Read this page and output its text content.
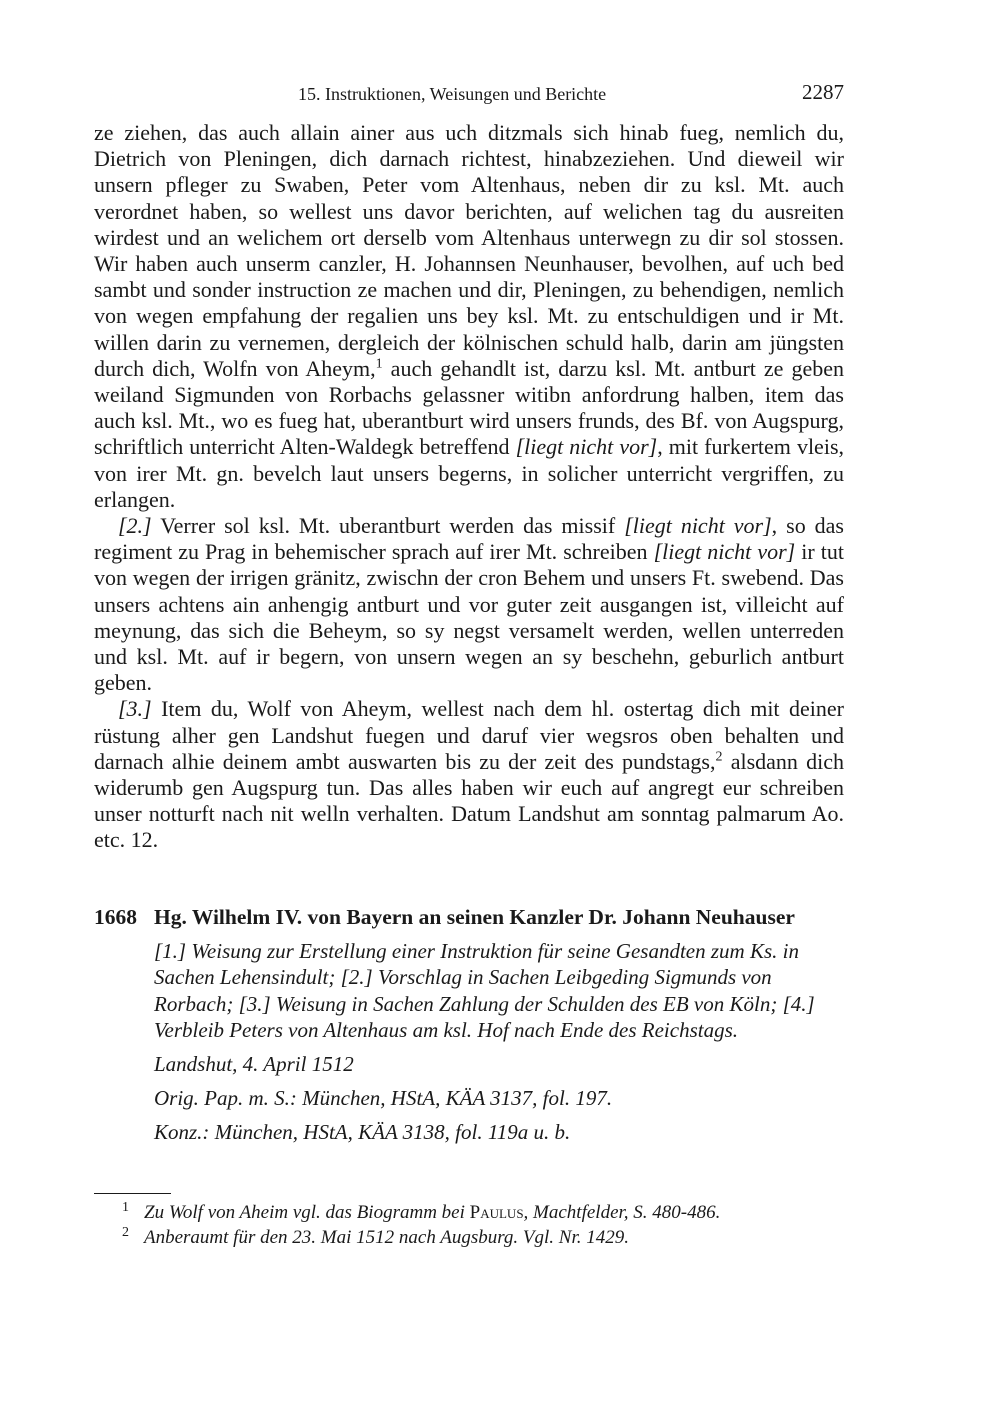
15. Instruktionen, Weisungen und Berichte	2287

ze ziehen, das auch allain ainer aus uch ditzmals sich hinab fueg, nemlich du, Dietrich von Pleningen, dich darnach richtest, hinabzeziehen. Und dieweil wir unsern pfleger zu Swaben, Peter vom Altenhaus, neben dir zu ksl. Mt. auch verordnet haben, so wellest uns davor berichten, auf welichen tag du ausreiten wirdest und an welichem ort derselb vom Altenhaus unterwegn zu dir sol stossen. Wir haben auch unserm canzler, H. Johannsen Neunhauser, bevolhen, auf uch bed sambt und sonder instruction ze machen und dir, Pleningen, zu behendigen, nemlich von wegen empfahung der regalien uns bey ksl. Mt. zu entschuldigen und ir Mt. willen darin zu vernemen, dergleich der kölnischen schuld halb, darin am jüngsten durch dich, Wolfn von Aheym,$^1$ auch gehandlt ist, darzu ksl. Mt. antburt ze geben weiland Sigmunden von Rorbachs gelassner witibn anfordrung halben, item das auch ksl. Mt., wo es fueg hat, uberantburt wird unsers frunds, des Bf. von Augspurg, schriftlich unterricht Alten-Waldegk betreffend [liegt nicht vor], mit furkertem vleis, von irer Mt. gn. bevelch laut unsers begerns, in solicher unterricht vergriffen, zu erlangen.

[2.] Verrer sol ksl. Mt. uberantburt werden das missif [liegt nicht vor], so das regiment zu Prag in behemischer sprach auf irer Mt. schreiben [liegt nicht vor] ir tut von wegen der irrigen gränitz, zwischn der cron Behem und unsers Ft. swebend. Das unsers achtens ain anhengig antburt und vor guter zeit ausgangen ist, villeicht auf meynung, das sich die Beheym, so sy negst versamelt werden, wellen unterreden und ksl. Mt. auf ir begern, von unsern wegen an sy beschehn, geburlich antburt geben.

[3.] Item du, Wolf von Aheym, wellest nach dem hl. ostertag dich mit deiner rüstung alher gen Landshut fuegen und daruf vier wegsros oben behalten und darnach alhie deinem ambt auswarten bis zu der zeit des pundstags,$^2$ alsdann dich widerumb gen Augspurg tun. Das alles haben wir euch auf angregt eur schreiben unser notturft nach nit welln verhalten. Datum Landshut am sonntag palmarum Ao. etc. 12.

1668 Hg. Wilhelm IV. von Bayern an seinen Kanzler Dr. Johann Neuhauser

[1.] Weisung zur Erstellung einer Instruktion für seine Gesandten zum Ks. in Sachen Lehensindult; [2.] Vorschlag in Sachen Leibgeding Sigmunds von Rorbach; [3.] Weisung in Sachen Zahlung der Schulden des EB von Köln; [4.] Verbleib Peters von Altenhaus am ksl. Hof nach Ende des Reichstags.

Landshut, 4. April 1512

Orig. Pap. m. S.: München, HStA, KÄA 3137, fol. 197.

Konz.: München, HStA, KÄA 3138, fol. 119a u. b.

1 Zu Wolf von Aheim vgl. das Biogramm bei Paulus, Machtfelder, S. 480-486.

2 Anberaumt für den 23. Mai 1512 nach Augsburg. Vgl. Nr. 1429.
